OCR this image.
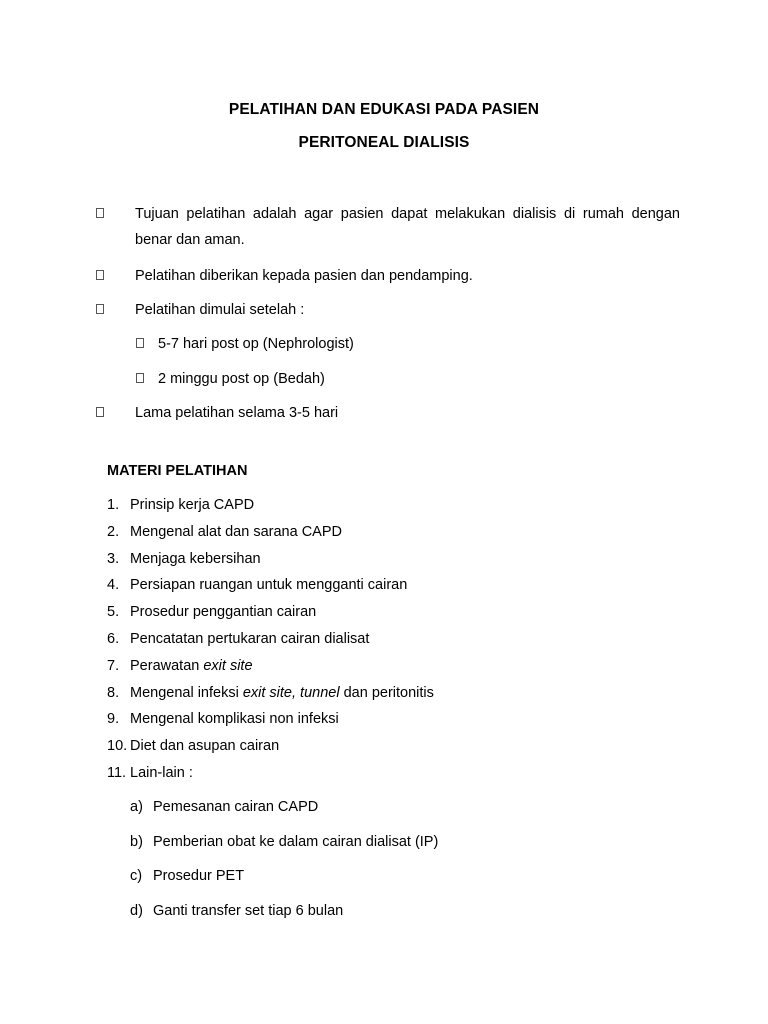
PELATIHAN DAN EDUKASI PADA PASIEN
PERITONEAL DIALISIS
Tujuan pelatihan adalah agar pasien dapat melakukan dialisis di rumah dengan benar dan aman.
Pelatihan diberikan kepada pasien dan pendamping.
Pelatihan dimulai setelah :
5-7 hari post op (Nephrologist)
2 minggu post op (Bedah)
Lama pelatihan selama 3-5 hari
MATERI PELATIHAN
1. Prinsip kerja CAPD
2. Mengenal alat dan sarana CAPD
3. Menjaga kebersihan
4. Persiapan ruangan untuk mengganti cairan
5. Prosedur penggantian cairan
6. Pencatatan pertukaran cairan dialisat
7. Perawatan exit site
8. Mengenal infeksi exit site, tunnel dan peritonitis
9. Mengenal komplikasi non infeksi
10. Diet dan asupan cairan
11. Lain-lain :
a) Pemesanan cairan CAPD
b) Pemberian obat ke dalam cairan dialisat (IP)
c) Prosedur PET
d) Ganti transfer set tiap 6 bulan
